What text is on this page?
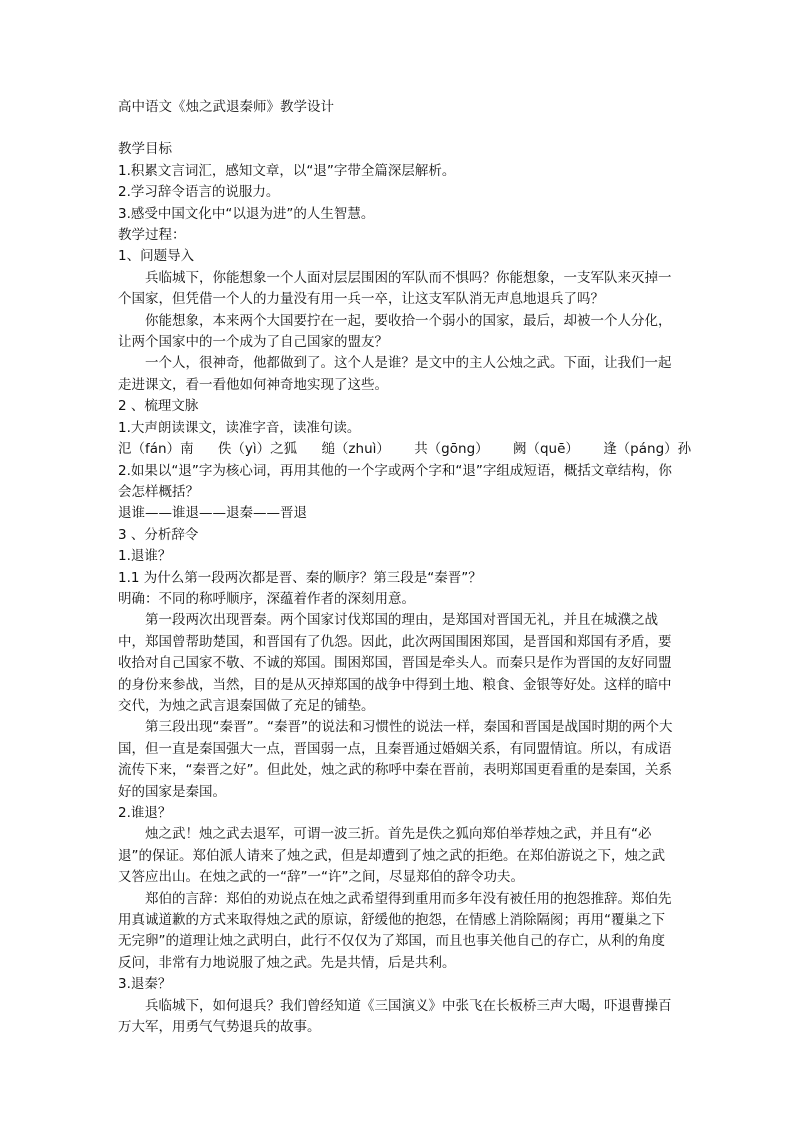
高中语文《烛之武退秦师》教学设计

教学目标

1.积累文言词汇，感知文章，以“退”字带全篇深层解析。

2.学习辞令语言的说服力。

3.感受中国文化中“以退为进”的人生智慧。

教学过程：

1、问题导入

兵临城下，你能想象一个人面对层层围困的军队而不惧吗？你能想象，一支军队来灭掉一个国家，但凭借一个人的力量没有用一兵一卒，让这支军队消无声息地退兵了吗？

你能想象，本来两个大国要拧在一起，要收拾一个弱小的国家，最后，却被一个人分化，让两个国家中的一个成为了自己国家的盟友？

一个人，很神奇，他都做到了。这个人是谁？是文中的主人公烛之武。下面，让我们一起走进课文，看一看他如何神奇地实现了这些。

2 、梳理文脉

1.大声朗读课文，读准字音，读准句读。

氾（fán）南 佚（yì）之狐 缒（zhuì） 共（gōng） 阙（quē） 逢（páng）孙

2.如果以“退”字为核心词，再用其他的一个字或两个字和“退”字组成短语，概括文章结构，你会怎样概括？

退谁——谁退——退秦——晋退

3 、分析辞令

1.退谁？

1.1 为什么第一段两次都是晋、秦的顺序？第三段是“秦晋”？

明确：不同的称呼顺序，深蕴着作者的深刻用意。

第一段两次出现晋秦。两个国家讨伐郑国的理由，是郑国对晋国无礼，并且在城濮之战中，郑国曾帮助楚国，和晋国有了仇怨。因此，此次两国围困郑国，是晋国和郑国有矛盾，要收拾对自己国家不敬、不诚的郑国。围困郑国，晋国是牵头人。而秦只是作为晋国的友好同盟的身份来参战，当然，目的是从灭掉郑国的战争中得到土地、粮食、金银等好处。这样的暗中交代，为烛之武言退秦国做了充足的铺垫。

第三段出现“秦晋”。“秦晋”的说法和习惯性的说法一样，秦国和晋国是战国时期的两个大国，但一直是秦国强大一点，晋国弱一点，且秦晋通过婚姻关系，有同盟情谊。所以，有成语流传下来，“秦晋之好”。但此处，烛之武的称呼中秦在晋前，表明郑国更看重的是秦国，关系好的国家是秦国。

2.谁退？

烛之武！烛之武去退军，可谓一波三折。首先是佚之狐向郑伯举荐烛之武，并且有“必退”的保证。郑伯派人请来了烛之武，但是却遭到了烛之武的拒绝。在郑伯游说之下，烛之武又答应出山。在烛之武的一“辞”一“许”之间，尽显郑伯的辞令功夫。

郑伯的言辞：郑伯的劝说点在烛之武希望得到重用而多年没有被任用的抱怨推辞。郑伯先用真诚道歉的方式来取得烛之武的原谅，舒缓他的抱怨，在情感上消除隔阂；再用“覆巢之下无完卵”的道理让烛之武明白，此行不仅仅为了郑国，而且也事关他自己的存亡，从利的角度反问，非常有力地说服了烛之武。先是共情，后是共利。

3.退秦？

兵临城下，如何退兵？我们曾经知道《三国演义》中张飞在长板桥三声大喝，吓退曹操百万大军，用勇气气势退兵的故事。
